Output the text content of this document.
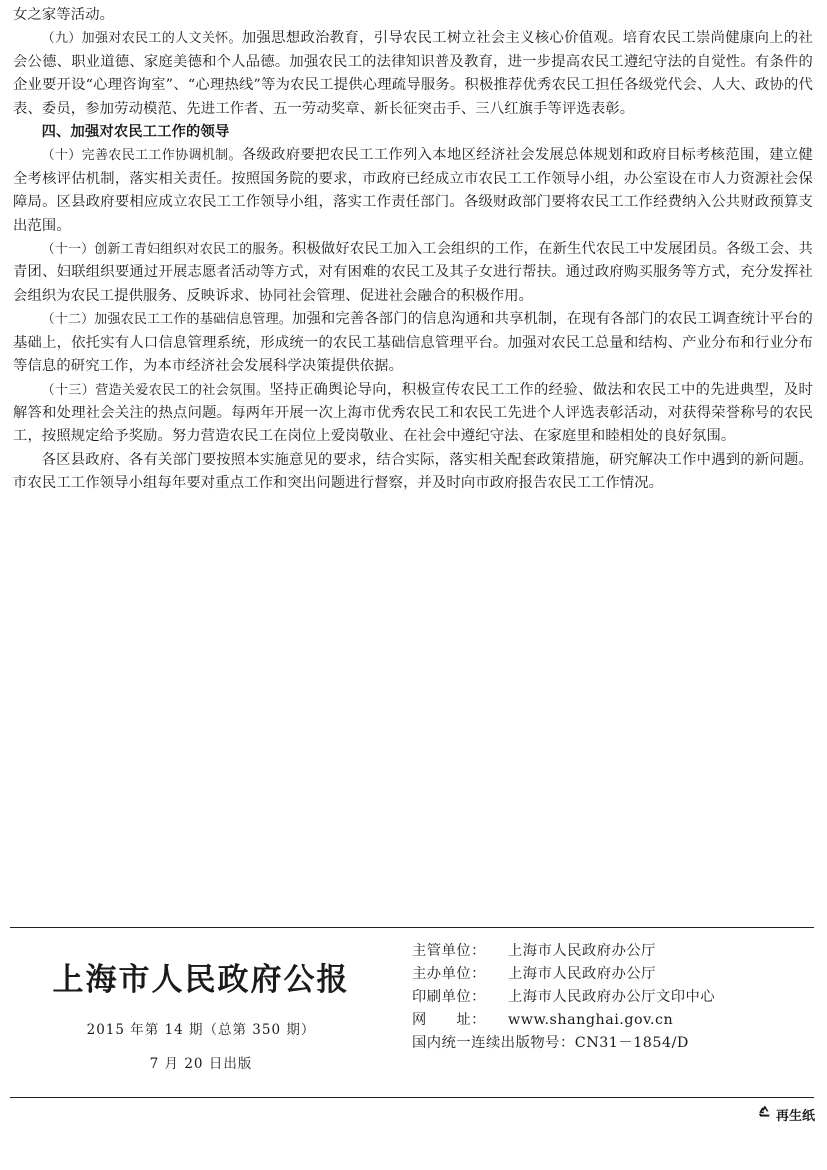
女之家等活动。

（九）加强对农民工的人文关怀。加强思想政治教育，引导农民工树立社会主义核心价值观。培育农民工崇尚健康向上的社会公德、职业道德、家庭美德和个人品德。加强农民工的法律知识普及教育，进一步提高农民工遵纪守法的自觉性。有条件的企业要开设“心理咨询室”、“心理热线”等为农民工提供心理疏导服务。积极推荐优秀农民工担任各级党代会、人大、政协的代表、委员，参加劳动模范、先进工作者、五一劳动奖章、新长征突击手、三八红旗手等评选表彰。

四、加强对农民工工作的领导

（十）完善农民工工作协调机制。各级政府要把农民工工作列入本地区经济社会发展总体规划和政府目标考核范围，建立健全考核评估机制，落实相关责任。按照国务院的要求，市政府已经成立市农民工工作领导小组，办公室设在市人力资源社会保障局。区县政府要相应成立农民工工作领导小组，落实工作责任部门。各级财政部门要将农民工工作经费纳入公共财政预算支出范围。

（十一）创新工青妇组织对农民工的服务。积极做好农民工加入工会组织的工作，在新生代农民工中发展团员。各级工会、共青团、妇联组织要通过开展志愿者活动等方式，对有困难的农民工及其子女进行帮扶。通过政府购买服务等方式，充分发挥社会组织为农民工提供服务、反映诉求、协同社会管理、促进社会融合的积极作用。

（十二）加强农民工工作的基础信息管理。加强和完善各部门的信息沟通和共享机制，在现有各部门的农民工调查统计平台的基础上，依托实有人口信息管理系统，形成统一的农民工基础信息管理平台。加强对农民工总量和结构、产业分布和行业分布等信息的研究工作，为本市经济社会发展科学决策提供依据。

（十三）营造关爱农民工的社会氛围。坚持正确舆论导向，积极宣传农民工工作的经验、做法和农民工中的先进典型，及时解答和处理社会关注的热点问题。每两年开展一次上海市优秀农民工和农民工先进个人评选表彰活动，对获得荣誉称号的农民工，按照规定给予奖励。努力营造农民工在岗位上爱岗敬业、在社会中遵纪守法、在家庭里和睦相处的良好氛围。

各区县政府、各有关部门要按照本实施意见的要求，结合实际，落实相关配套政策措施，研究解决工作中遇到的新问题。市农民工工作领导小组每年要对重点工作和突出问题进行督察，并及时向市政府报告农民工工作情况。

上海市人民政府公报
2015 年第 14 期（总第 350 期）
7 月 20 日出版
主管单位： 上海市人民政府办公厅
主办单位： 上海市人民政府办公厅
印刷单位： 上海市人民政府办公厅文印中心
网　　址： www.shanghai.gov.cn
国内统一连续出版物号：CN31－1854/D
再生纸
